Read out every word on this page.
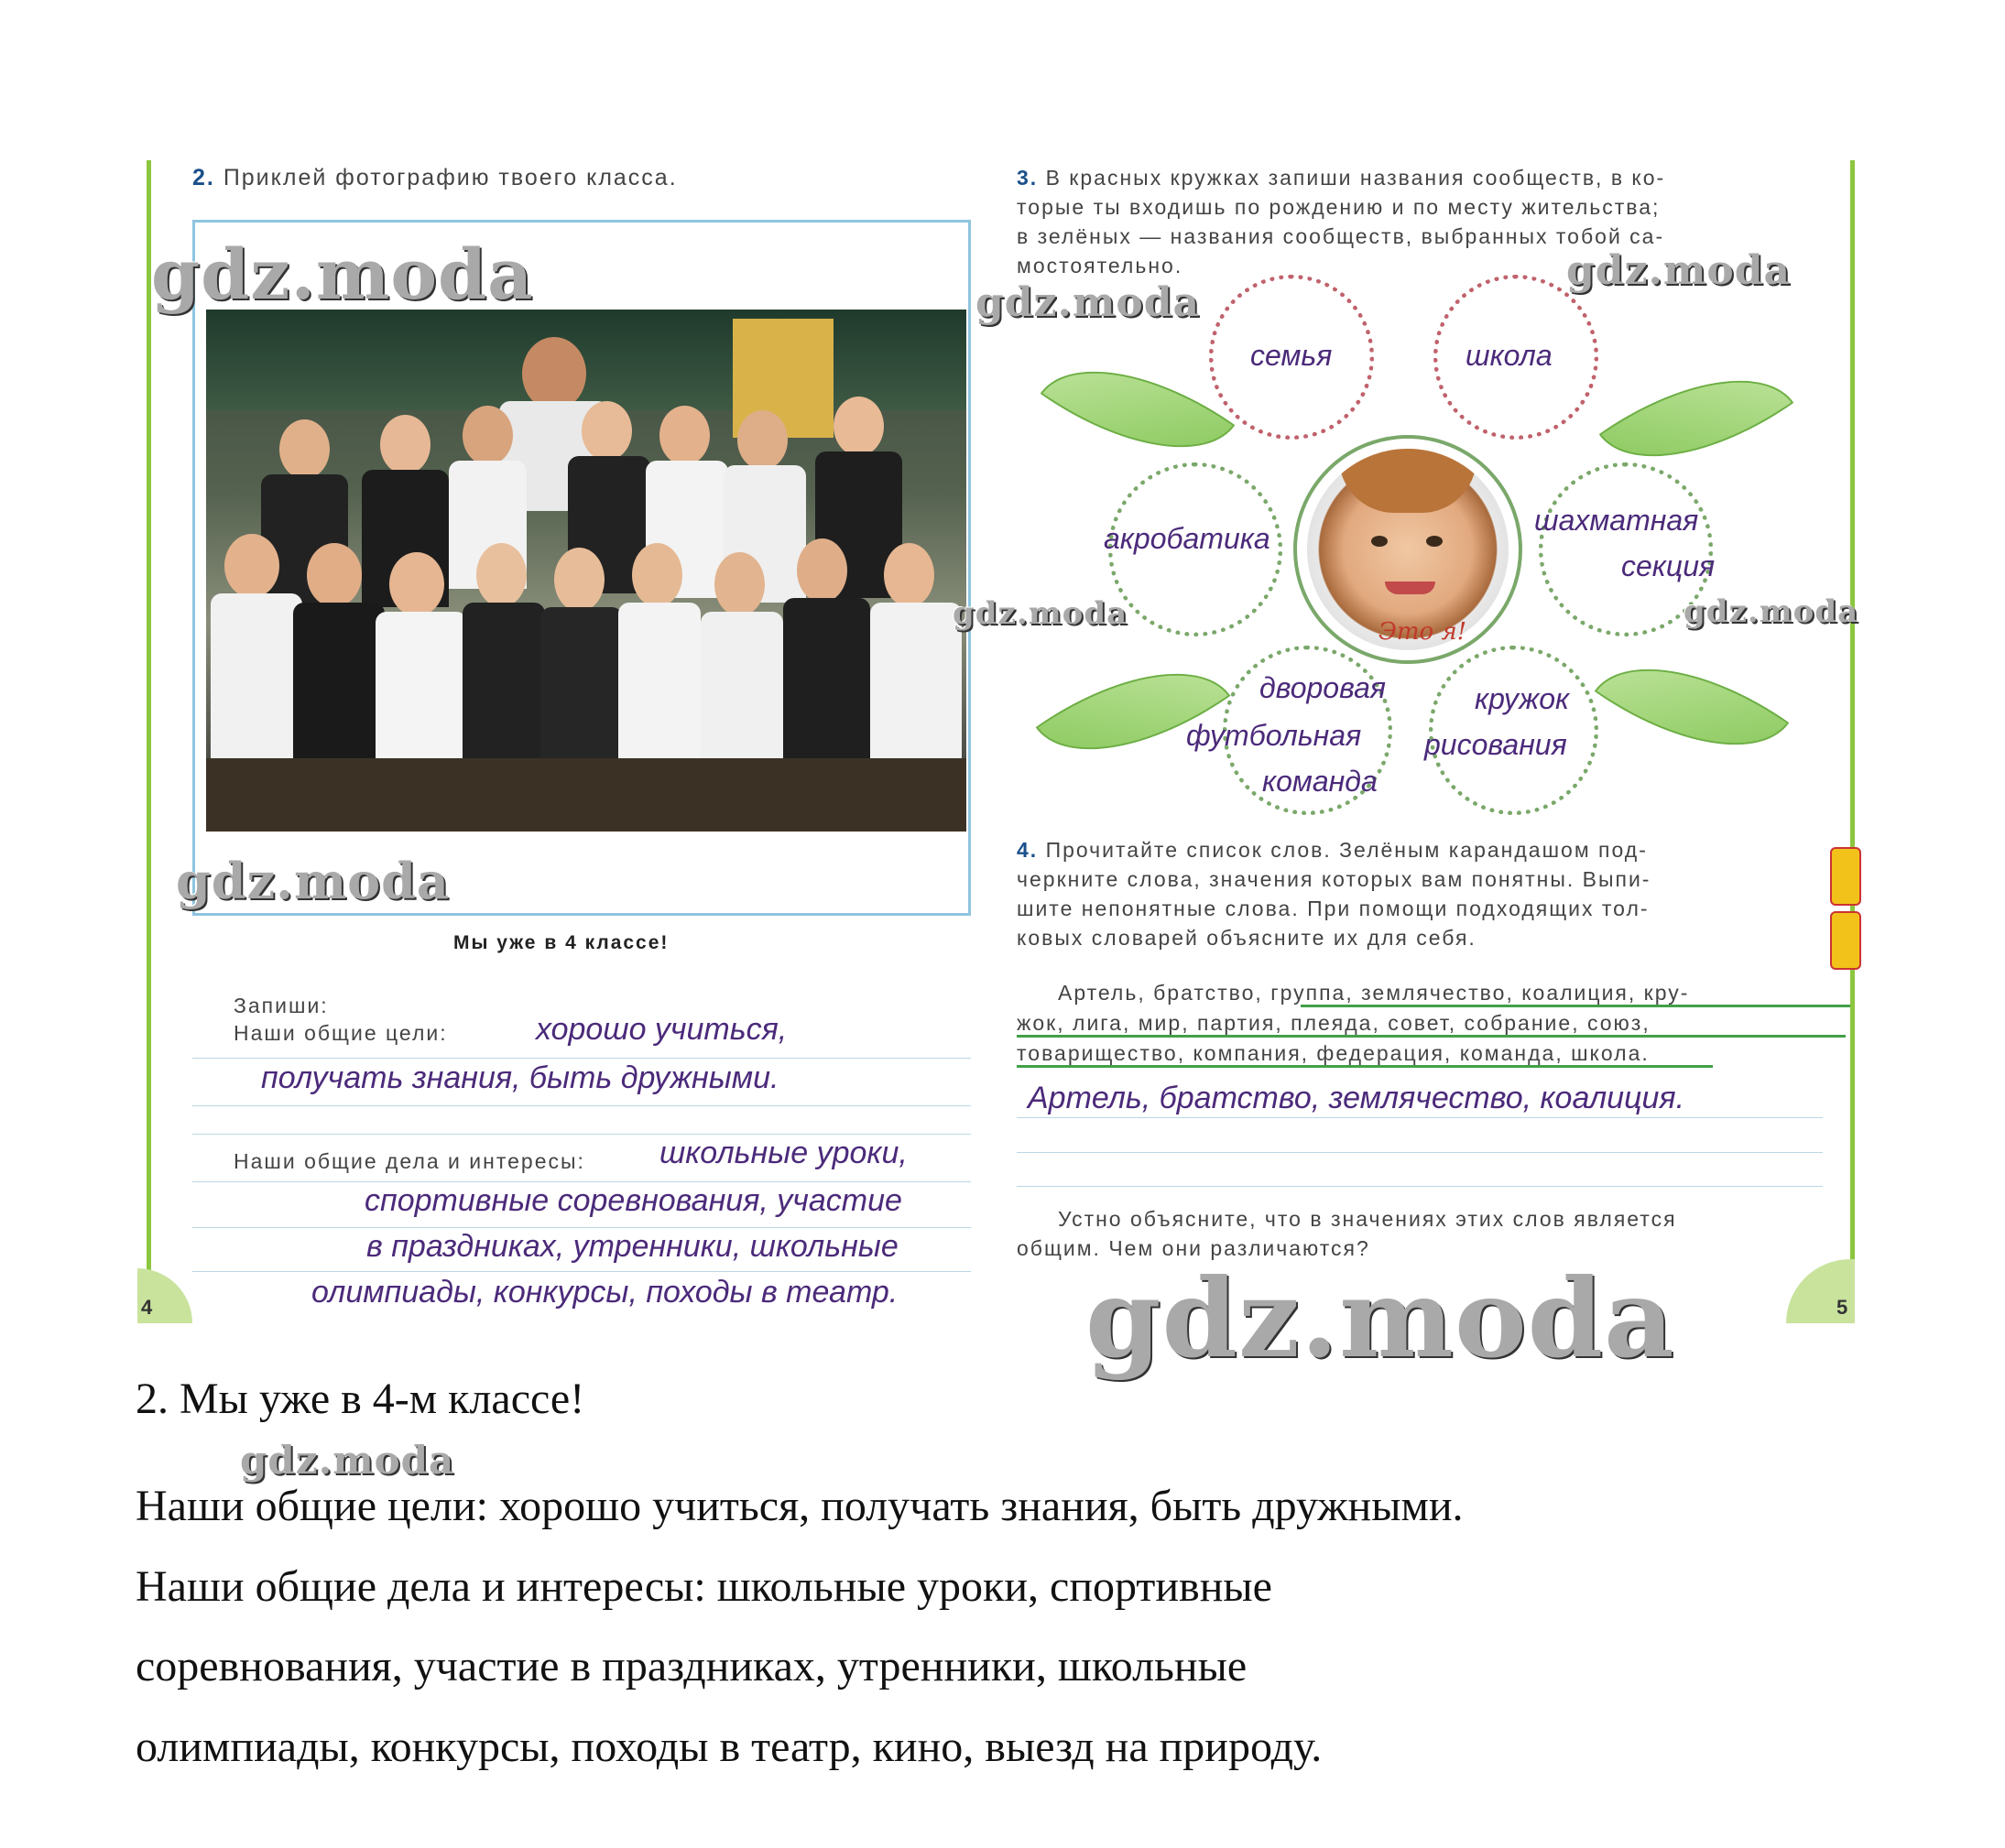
4	5
2. Приклей фотографию твоего класса.
Мы уже в 4 классе!
Запиши:
Наши общие цели:	хорошо учиться,
получать знания, быть дружными.
Наши общие дела и интересы: школьные уроки,
спортивные соревнования, участие
в праздниках, утренники, школьные
олимпиады, конкурсы, походы в театр.
3. В красных кружках запиши названия сообществ, в ко-
торые ты входишь по рождению и по месту жительства;
в зелёных — названия сообществ, выбранных тобой са-
мостоятельно.
семья	школа
акробатика
шахматная
секция
Это я!
дворовая
футбольная
команда
кружок
рисования
4. Прочитайте список слов. Зелёным карандашом под-
черкните слова, значения которых вам понятны. Выпи-
шите непонятные слова. При помощи подходящих тол-
ковых словарей объясните их для себя.
Артель, братство, группа, землячество, коалиция, кру-
жок, лига, мир, партия, плеяда, совет, собрание, союз,
товарищество, компания, федерация, команда, школа.
Артель, братство, землячество, коалиция.
Устно объясните, что в значениях этих слов является
общим. Чем они различаются?
gdz.moda	gdz.moda
gdz.moda
gdz.moda
gdz.moda	gdz.moda
gdz.moda
gdz.moda
2. Мы уже в 4-м классе!
Наши общие цели: хорошо учиться, получать знания, быть дружными.
Наши общие дела и интересы: школьные уроки, спортивные
соревнования, участие в праздниках, утренники, школьные
олимпиады, конкурсы, походы в театр, кино, выезд на природу.
